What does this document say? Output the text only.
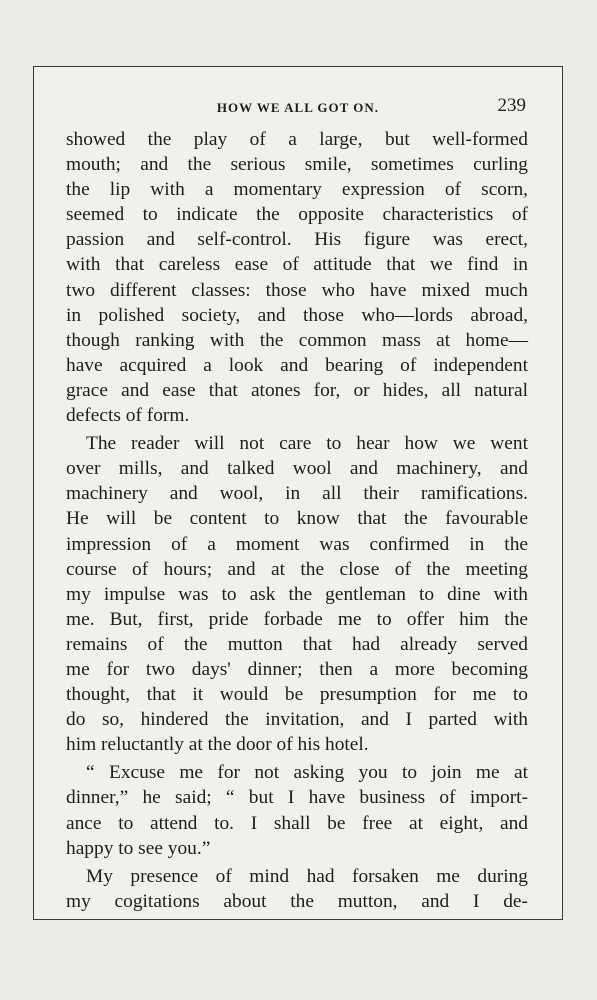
HOW WE ALL GOT ON.	239
showed the play of a large, but well-formed
mouth; and the serious smile, sometimes curling
the lip with a momentary expression of scorn,
seemed to indicate the opposite characteristics of
passion and self-control. His figure was erect,
with that careless ease of attitude that we find in
two different classes: those who have mixed much
in polished society, and those who—lords abroad,
though ranking with the common mass at home—
have acquired a look and bearing of independent
grace and ease that atones for, or hides, all natural
defects of form.
The reader will not care to hear how we went
over mills, and talked wool and machinery, and
machinery and wool, in all their ramifications.
He will be content to know that the favourable
impression of a moment was confirmed in the
course of hours; and at the close of the meeting
my impulse was to ask the gentleman to dine with
me. But, first, pride forbade me to offer him the
remains of the mutton that had already served
me for two days' dinner; then a more becoming
thought, that it would be presumption for me to
do so, hindered the invitation, and I parted with
him reluctantly at the door of his hotel.
“ Excuse me for not asking you to join me at
dinner,” he said; “ but I have business of import-
ance to attend to. I shall be free at eight, and
happy to see you.”
My presence of mind had forsaken me during
my cogitations about the mutton, and I de-
